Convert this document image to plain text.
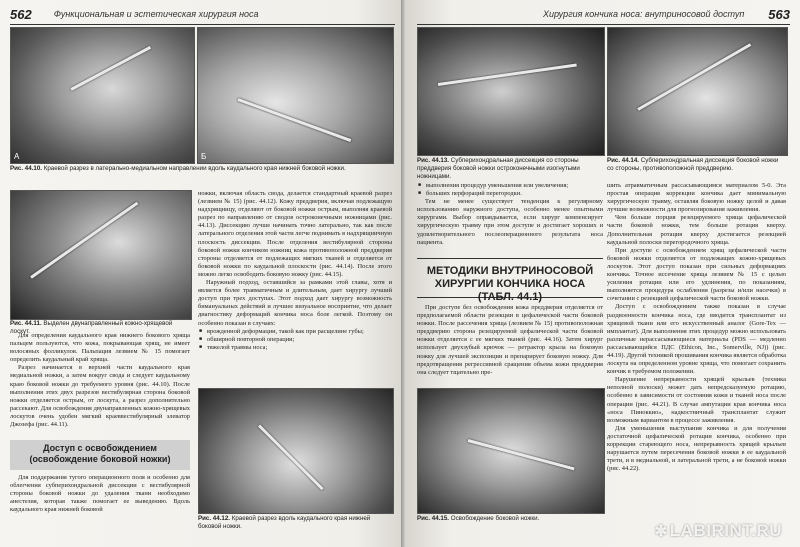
562 Функциональная и эстетическая хирургия носа
А	Б
Рис. 44.10. Краевой разрез в латерально-медиальном направлении вдоль каудального края нижней боковой ножки.
Рис. 44.11. Выделен двунаправленный кожно-хрящевой лоскут.

ножки, включая область свода, делается стандартный краевой разрез (лезвием № 15) (рис. 44.12). Кожу преддверия, включая подлежащую надхрящницу, отделяют от боковой ножки острым, выполняя краевой разрез по направлению от сводов остроконечными ножницами (рис. 44.13). Диссекцию лучше начинать точно латерально, так как после латерального отделения этой части легче поднимать в надхрящничную плоскость диссекции. После отделения вестибулярной стороны боковой ножки кончиком ножниц кожа противоположной преддверия стороны отделяется от подлежащих мягких тканей и отделяется от боковой ножки по каудальной плоскости (рис. 44.14). После этого можно легко освободить боковую ножку (рис. 44.15).

Наружный подход, оставшийся за рамками этой главы, хотя и является более травматичным и длительным, дает хирургу лучший доступ при трех доступах. Этот подход дает хирургу возможность бимануальных действий и лучшее визуальное восприятие, что делает диагностику деформаций кончика носа боле легкой. Поэтому он особенно показан в случаях:

■ врожденной деформации, такой как при расщелине губы;
■ обширной повторной операции;
■ тяжелой травмы носа;

Для определения каудального края нижнего бокового хряща пальцем пользуются, что кожа, покрывающая хрящ, не имеет волосяных фолликулов. Пальпация лезвием № 15 помогает определить каудальный край хряща.

Разрез начинается в верхней части каудального края медиальной ножки, а затем вокруг свода и следует каудальному краю боковой ножки до требуемого уровня (рис. 44.10). После выполнения этих двух разрезов вестибулярная сторона боковой ножки отделяется острым, от лоскута, а разрез дополнительно рассекают. Для освобождения двунаправленных кожно-хрящевых лоскутов очень удобен мягкий краеввестибулярный элеватор Джозефа (рис. 44.11).

Доступ с освобождением (освобождение боковой ножки)

Для поддержания тугого операционного поля и особенно для облегчения субперихондральной диссекции с вестибулярной стороны боковой ножки до удаления ткани необходимо анестезия, которая также помогает ее выведению. Вдоль каудального края нижней боковой

Рис. 44.12. Краевой разрез вдоль каудального края нижней боковой ножки.
Хирургия кончика носа: внутриносовой доступ 563
Рис. 44.13. Субперихондральная диссекция со стороны преддверия боковой ножки остроконечными изогнутыми ножницами.
Рис. 44.14. Субперихондральная диссекция боковой ножки со стороны, противоположной преддверию.
■ выполнения процедур уменьшения или увеличения;
■ больших перфораций перегородки.

Тем не менее существует тенденция к регулярному использованию наружного доступа, особенно менее опытными хирургами. Выбор оправдывается, если хирург компенсирует хирургическую травму при этом доступе и достигает хороших и удовлетворительного послеоперационного результата носа пациента.

МЕТОДИКИ ВНУТРИНОСОВОЙ ХИРУРГИИ КОНЧИКА НОСА (ТАБЛ. 44.1)

При доступе без освобождения кожа преддверия отделяется от предполагаемой области резекции в цефалической части боковой ножки. После рассечения хряща (лезвием № 15) противоположная преддверию сторона резецируемой цефалической части боковой ножки отделяется с ее мягких тканей (рис. 44.16). Затем хирург использует двухзубый крючок — ретрактор крыла на боковую ножку для лучшей экспозиции и препарирует боковую ножку. Для предотвращения регрессивной сращения объема кожи преддверия она следует тщательно пре-

Рис. 44.15. Освобождение боковой ножки.

шить атравматичным рассасывающимся материалом 5-0. Эта простая операция коррекции кончика дает минимальную хирургическую травму, оставляя боковую ножку целой и давая лучшие возможности для прогнозирования заживления.

Чем больше порция резецируемого хряща цефалической части боковой ножки, тем больше ротация кверху. Дополнительная ротация кверху достигается резекцией каудальной полоски перегородочного хряща.

При доступе с освобождением хрящ цефалической части боковой ножки отделяется от подлежащих кожно-хрящевых лоскутов. Этот доступ показан при сильных деформациях кончика. Точное иссечение хряща лезвием № 15 с целью усиления ротации или его удлинения, по показаниям, выполняется процедура ослабления (разрезы и/или насечки) в сочетании с резекцией цефалической части боковой ножки.

Доступ с освобождением также показан в случае раздвоенности кончика носа, где вводится трансплантат из хрящевой ткани или его искусственный аналог (Gore-Tex — имплантат). Для выполнения этих процедур можно использовать различные нерассасывающиеся материалы (PDS — медленно рассасывающийся ПДС (Ethicon, Inc., Somerville, NJ)) (рис. 44.19). Другой техникой прошивания кончика является обработка лоскута на определенном уровне хряща, что помогает сохранить кончик в требуемом положении.

Нарушение непрерывности хрящей крыльев (техника неполной полоски) может дать непредсказуемую ротацию, особенно в зависимости от состояния кожи и тканей носа после операции (рис. 44.21). В случае ампутации края кончика носа «носа Пиноккио», надкостничный трансплантат служит возможным вариантом в процессе заживления.

Для уменьшения выступания кончика и для получения достаточной цефалической ротации кончика, особенно при коррекции стареющего носа, непрерывность хрящей крыльев нарушается путем пересечения боковой ножки в ее каудальной трети, и в медиальной, и латеральной трети, а не боковой ножки (рис. 44.22).

✱ LABIRINT.RU
